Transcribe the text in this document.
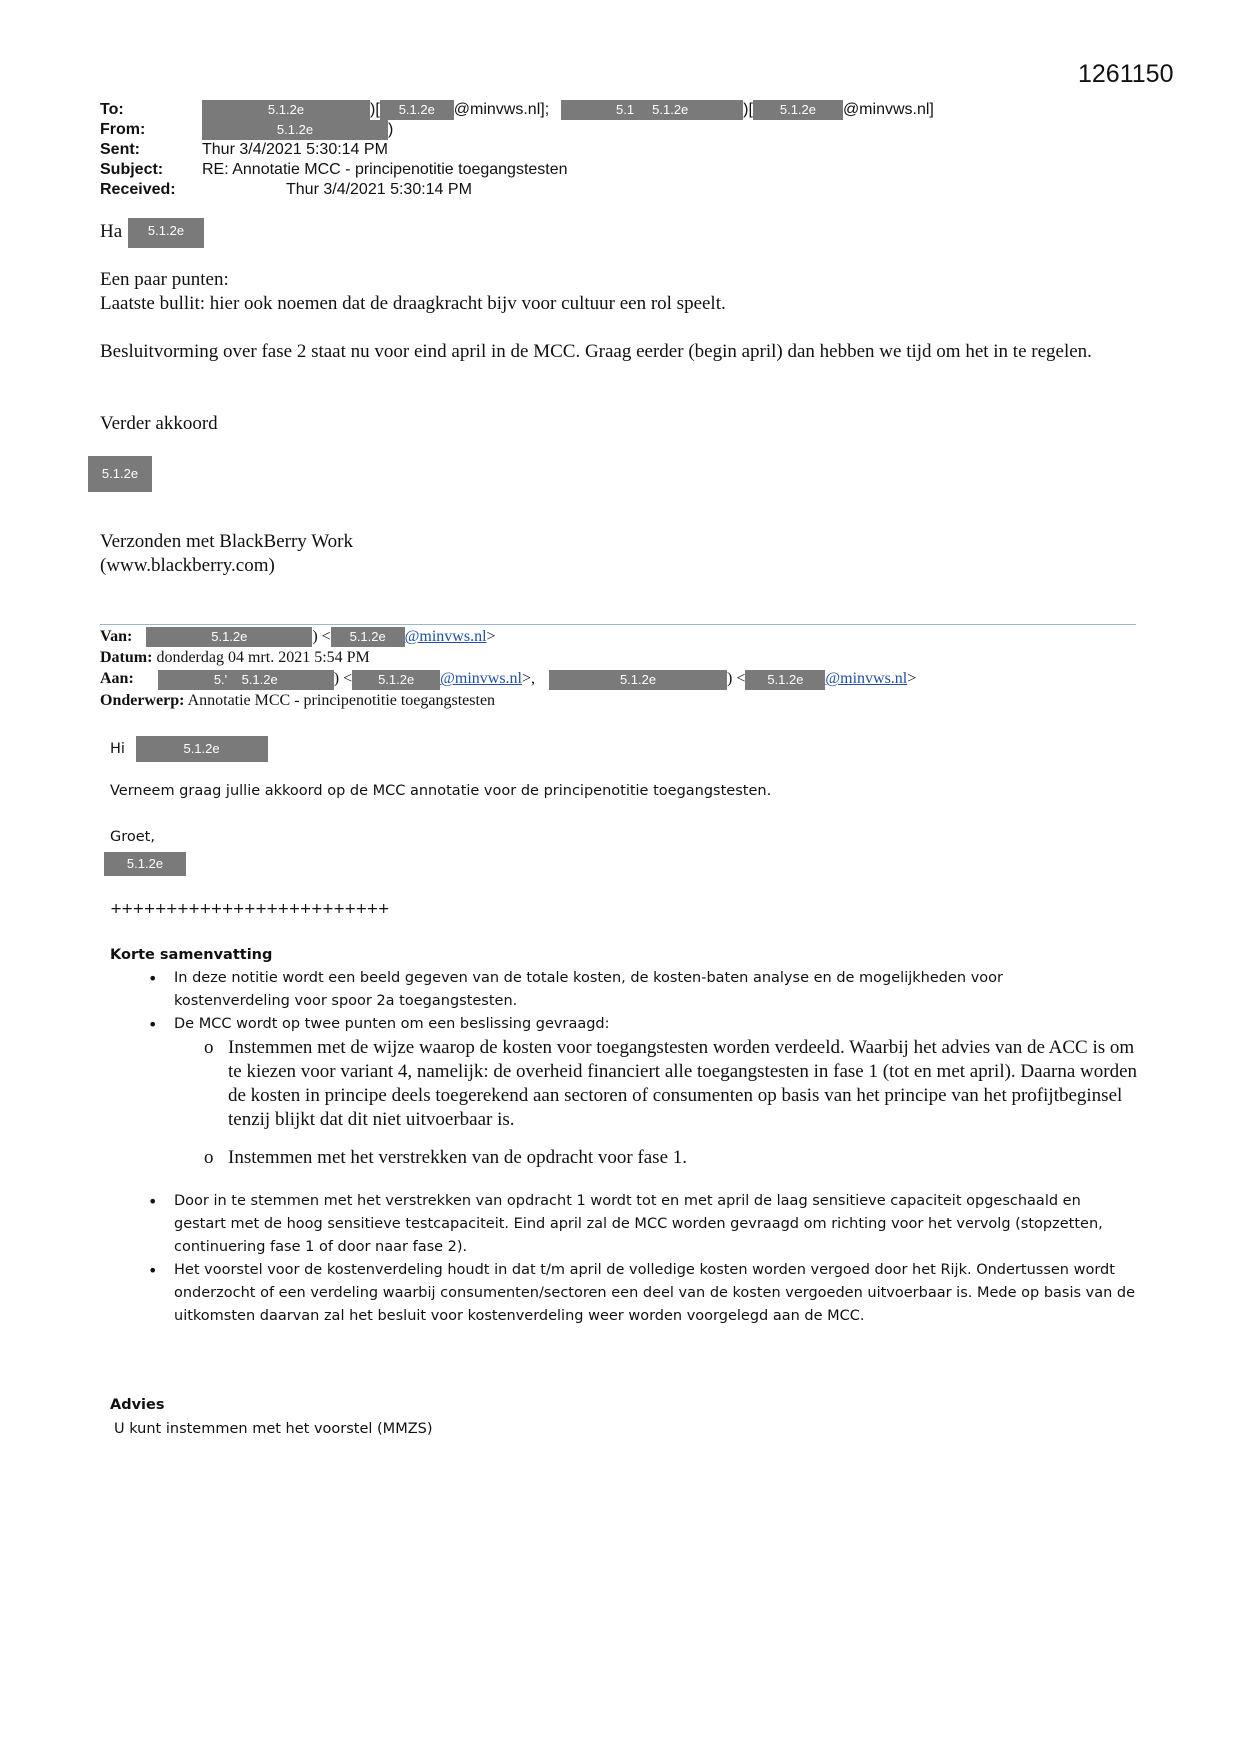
1261150
To:	5.1.2e	)[ 5.1.2e @minvws.nl];	5.1 5.1.2e	)[ 5.1.2e @minvws.nl]
From:	5.1.2e	)
Sent:	Thur 3/4/2021 5:30:14 PM
Subject: RE: Annotatie MCC - principenotitie toegangstesten
Received:	Thur 3/4/2021 5:30:14 PM
Ha	5.1.2e
Een paar punten:
Laatste bullit: hier ook noemen dat de draagkracht bijv voor cultuur een rol speelt.
Besluitvorming over fase 2 staat nu voor eind april in de MCC. Graag eerder (begin april) dan hebben we tijd om het in te regelen.
Verder akkoord
5.1.2e
Verzonden met BlackBerry Work
(www.blackberry.com)
Van:	5.1.2e	) < 5.1.2e @minvws.nl>
Datum: donderdag 04 mrt. 2021 5:54 PM
Aan:	5.' 5.1.2e	) < 5.1.2e @minvws.nl>,	5.1.2e	) < 5.1.2e @minvws.nl>
Onderwerp: Annotatie MCC - principenotitie toegangstesten
Hi	5.1.2e
Verneem graag jullie akkoord op de MCC annotatie voor de principenotitie toegangstesten.
Groet,
5.1.2e
+++++++++++++++++++++++++
Korte samenvatting
• In deze notitie wordt een beeld gegeven van de totale kosten, de kosten-baten analyse en de mogelijkheden voor kostenverdeling voor spoor 2a toegangstesten.
• De MCC wordt op twee punten om een beslissing gevraagd:
o Instemmen met de wijze waarop de kosten voor toegangstesten worden verdeeld. Waarbij het advies van de ACC is om te kiezen voor variant 4, namelijk: de overheid financiert alle toegangstesten in fase 1 (tot en met april). Daarna worden de kosten in principe deels toegerekend aan sectoren of consumenten op basis van het principe van het profijtbeginsel tenzij blijkt dat dit niet uitvoerbaar is.
o Instemmen met het verstrekken van de opdracht voor fase 1.
• Door in te stemmen met het verstrekken van opdracht 1 wordt tot en met april de laag sensitieve capaciteit opgeschaald en gestart met de hoog sensitieve testcapaciteit. Eind april zal de MCC worden gevraagd om richting voor het vervolg (stopzetten, continuering fase 1 of door naar fase 2).
• Het voorstel voor de kostenverdeling houdt in dat t/m april de volledige kosten worden vergoed door het Rijk. Ondertussen wordt onderzocht of een verdeling waarbij consumenten/sectoren een deel van de kosten vergoeden uitvoerbaar is. Mede op basis van de uitkomsten daarvan zal het besluit voor kostenverdeling weer worden voorgelegd aan de MCC.
Advies
U kunt instemmen met het voorstel (MMZS)
